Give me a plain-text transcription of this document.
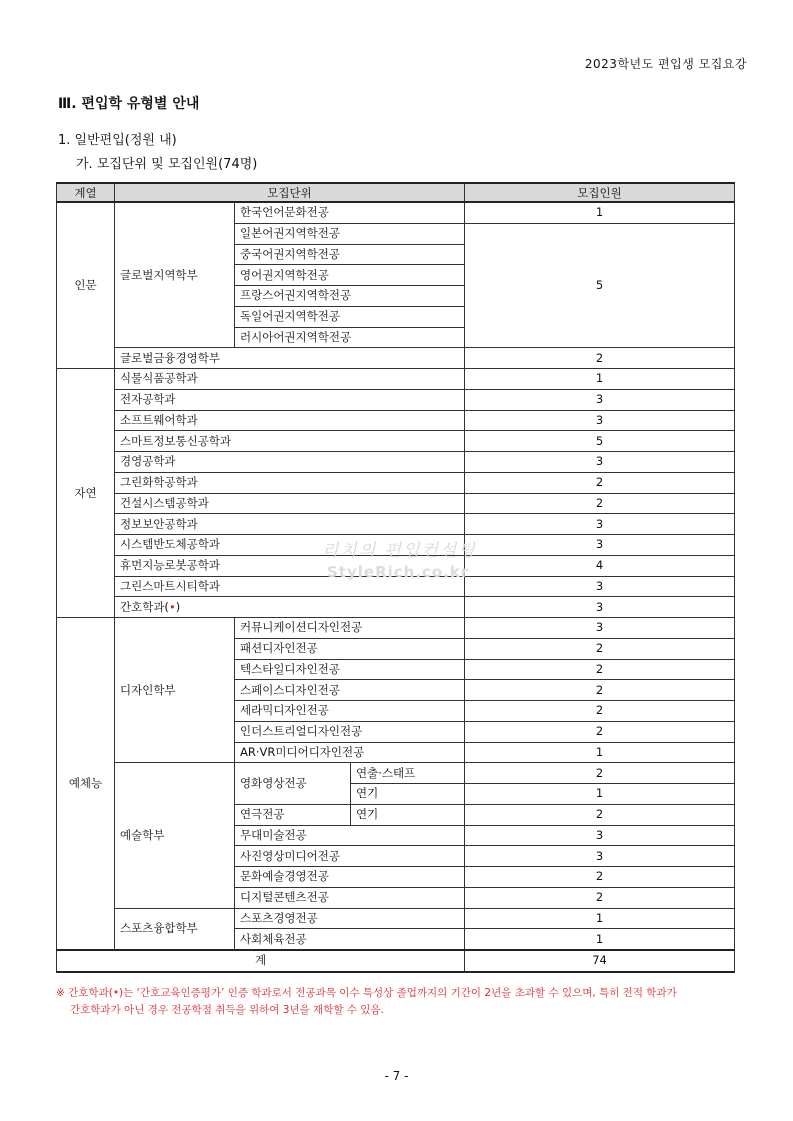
2023학년도 편입생 모집요강
Ⅲ. 편입학 유형별 안내
1. 일반편입(정원 내)
가. 모집단위 및 모집인원(74명)
계열	모집단위			모집인원
인문	글로벌지역학부	한국언어문화전공		1
		일본어권지역학전공		5
		중국어권지역학전공		
		영어권지역학전공		
		프랑스어권지역학전공		
		독일어권지역학전공		
		러시아어권지역학전공		
	글로벌금융경영학부			2
자연	식물식품공학과			1
	전자공학과			3
	소프트웨어학과			3
	스마트정보통신공학과			5
	경영공학과			3
	그린화학공학과			2
	건설시스템공학과			2
	정보보안공학과			3
	시스템반도체공학과			3
	휴먼지능로봇공학과			4
	그린스마트시티학과			3
	간호학과(•)			3
예체능	디자인학부	커뮤니케이션디자인전공		3
		패션디자인전공		2
		텍스타일디자인전공		2
		스페이스디자인전공		2
		세라믹디자인전공		2
		인더스트리얼디자인전공		2
		AR·VR미디어디자인전공		1
	예술학부	영화영상전공	연출·스태프	2
			연기	1
		연극전공	연기	2
		무대미술전공		3
		사진영상미디어전공		3
		문화예술경영전공		2
		디지털콘텐츠전공		2
	스포츠융합학부	스포츠경영전공		1
		사회체육전공		1
계				74
리치의 편입컨설팅
StyleRich.co.kr
※ 간호학과(•)는 ‘간호교육인증평가’ 인증 학과로서 전공과목 이수 특성상 졸업까지의 기간이 2년을 초과할 수 있으며, 특히 전적 학과가
간호학과가 아닌 경우 전공학점 취득을 위하여 3년을 재학할 수 있음.
- 7 -
